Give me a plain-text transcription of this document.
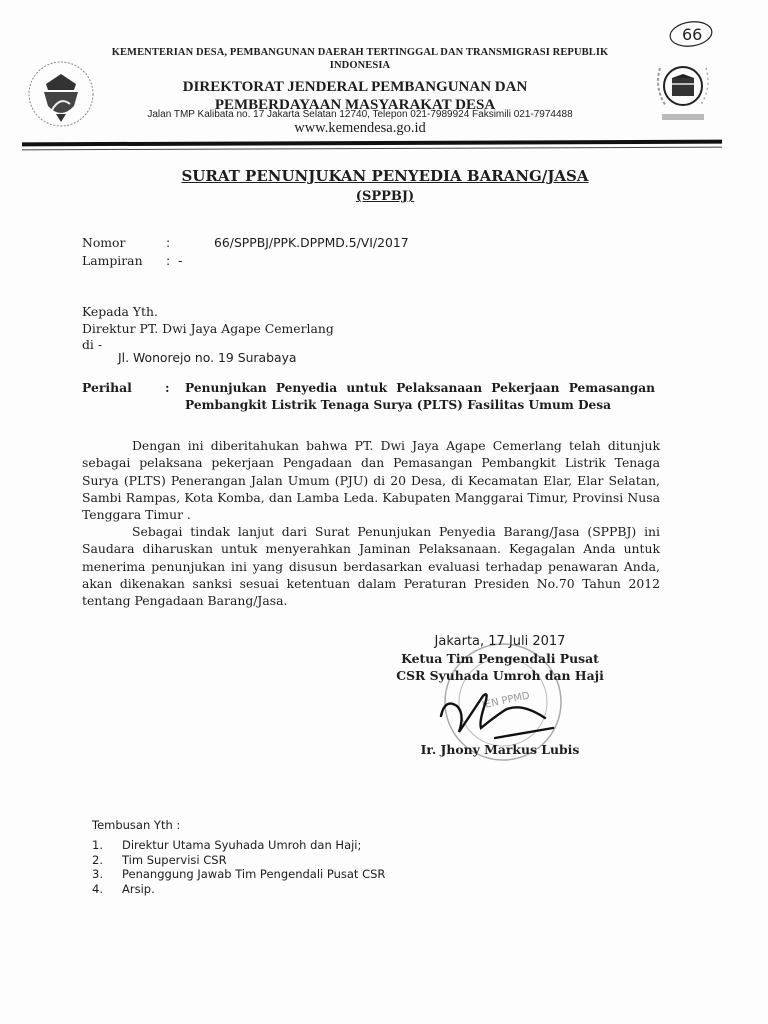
66
KEMENTERIAN DESA, PEMBANGUNAN DAERAH TERTINGGAL DAN TRANSMIGRASI REPUBLIK INDONESIA
DIREKTORAT JENDERAL PEMBANGUNAN DAN
PEMBERDAYAAN MASYARAKAT DESA
Jalan TMP Kalibata no. 17 Jakarta Selatan 12740, Telepon 021-7989924 Faksimili 021-7974488
www.kemendesa.go.id
SURAT PENUNJUKAN PENYEDIA BARANG/JASA
(SPPBJ)
Nomor	:	66/SPPBJ/PPK.DPPMD.5/VI/2017
Lampiran : -
Kepada Yth.
Direktur PT. Dwi Jaya Agape Cemerlang
di -
Jl. Wonorejo no. 19 Surabaya
Perihal	: Penunjukan Penyedia untuk Pelaksanaan Pekerjaan Pemasangan Pembangkit Listrik Tenaga Surya (PLTS) Fasilitas Umum Desa
Dengan ini diberitahukan bahwa PT. Dwi Jaya Agape Cemerlang telah ditunjuk sebagai pelaksana pekerjaan Pengadaan dan Pemasangan Pembangkit Listrik Tenaga Surya (PLTS) Penerangan Jalan Umum (PJU) di 20 Desa, di Kecamatan Elar, Elar Selatan, Sambi Rampas, Kota Komba, dan Lamba Leda. Kabupaten Manggarai Timur, Provinsi Nusa Tenggara Timur .
Sebagai tindak lanjut dari Surat Penunjukan Penyedia Barang/Jasa (SPPBJ) ini Saudara diharuskan untuk menyerahkan Jaminan Pelaksanaan. Kegagalan Anda untuk menerima penunjukan ini yang disusun berdasarkan evaluasi terhadap penawaran Anda, akan dikenakan sanksi sesuai ketentuan dalam Peraturan Presiden No.70 Tahun 2012 tentang Pengadaan Barang/Jasa.
JEN PPMD
Jakarta, 17 Juli 2017
Ketua Tim Pengendali Pusat
CSR Syuhada Umroh dan Haji
Ir. Jhony Markus Lubis
Tembusan Yth :
1.	Direktur Utama Syuhada Umroh dan Haji;
2.	Tim Supervisi CSR
3.	Penanggung Jawab Tim Pengendali Pusat CSR
4.	Arsip.
